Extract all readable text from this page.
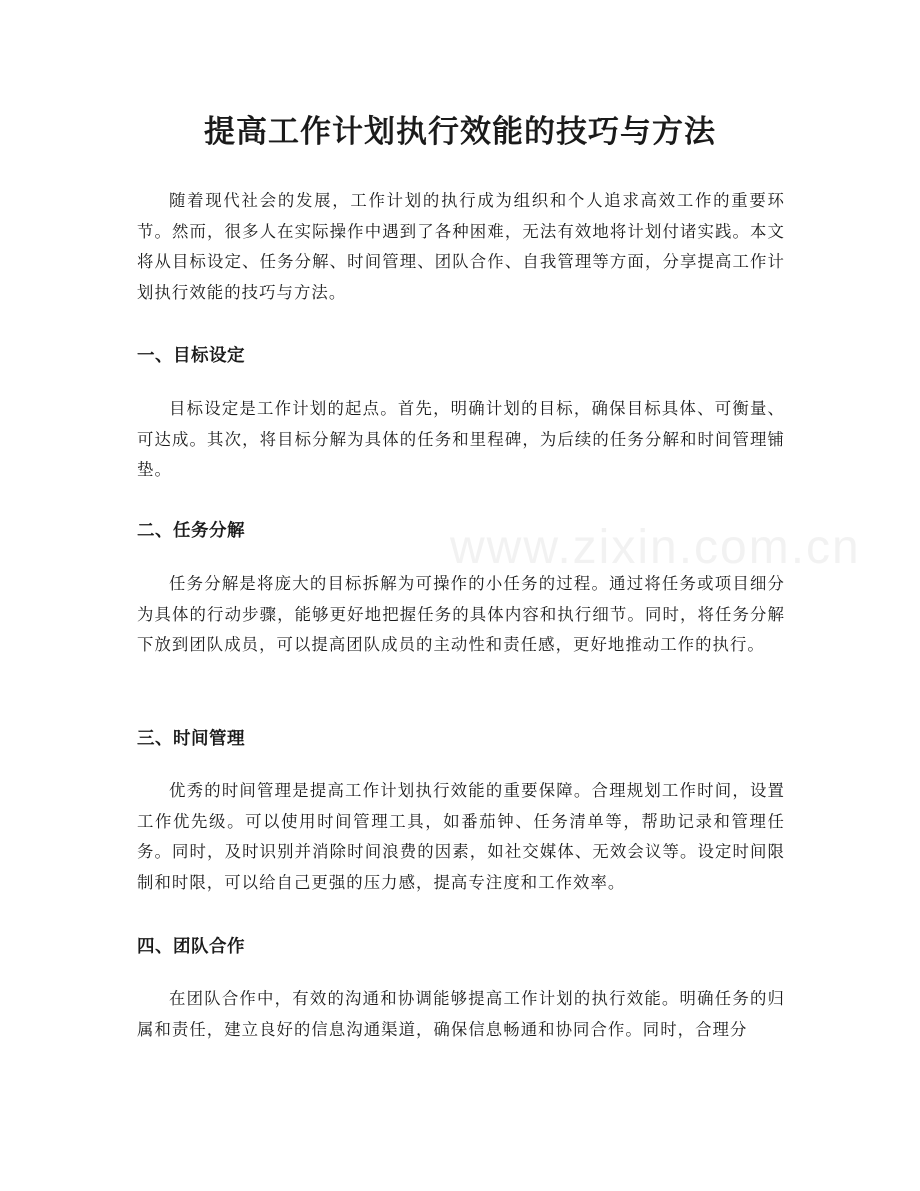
提高工作计划执行效能的技巧与方法

随着现代社会的发展，工作计划的执行成为组织和个人追求高效工作的重要环节。然而，很多人在实际操作中遇到了各种困难，无法有效地将计划付诸实践。本文将从目标设定、任务分解、时间管理、团队合作、自我管理等方面，分享提高工作计划执行效能的技巧与方法。

一、目标设定

目标设定是工作计划的起点。首先，明确计划的目标，确保目标具体、可衡量、可达成。其次，将目标分解为具体的任务和里程碑，为后续的任务分解和时间管理铺垫。

二、任务分解

任务分解是将庞大的目标拆解为可操作的小任务的过程。通过将任务或项目细分为具体的行动步骤，能够更好地把握任务的具体内容和执行细节。同时，将任务分解下放到团队成员，可以提高团队成员的主动性和责任感，更好地推动工作的执行。

三、时间管理

优秀的时间管理是提高工作计划执行效能的重要保障。合理规划工作时间，设置工作优先级。可以使用时间管理工具，如番茄钟、任务清单等，帮助记录和管理任务。同时，及时识别并消除时间浪费的因素，如社交媒体、无效会议等。设定时间限制和时限，可以给自己更强的压力感，提高专注度和工作效率。

四、团队合作

在团队合作中，有效的沟通和协调能够提高工作计划的执行效能。明确任务的归属和责任，建立良好的信息沟通渠道，确保信息畅通和协同合作。同时，合理分

www.zixin.com.cn
